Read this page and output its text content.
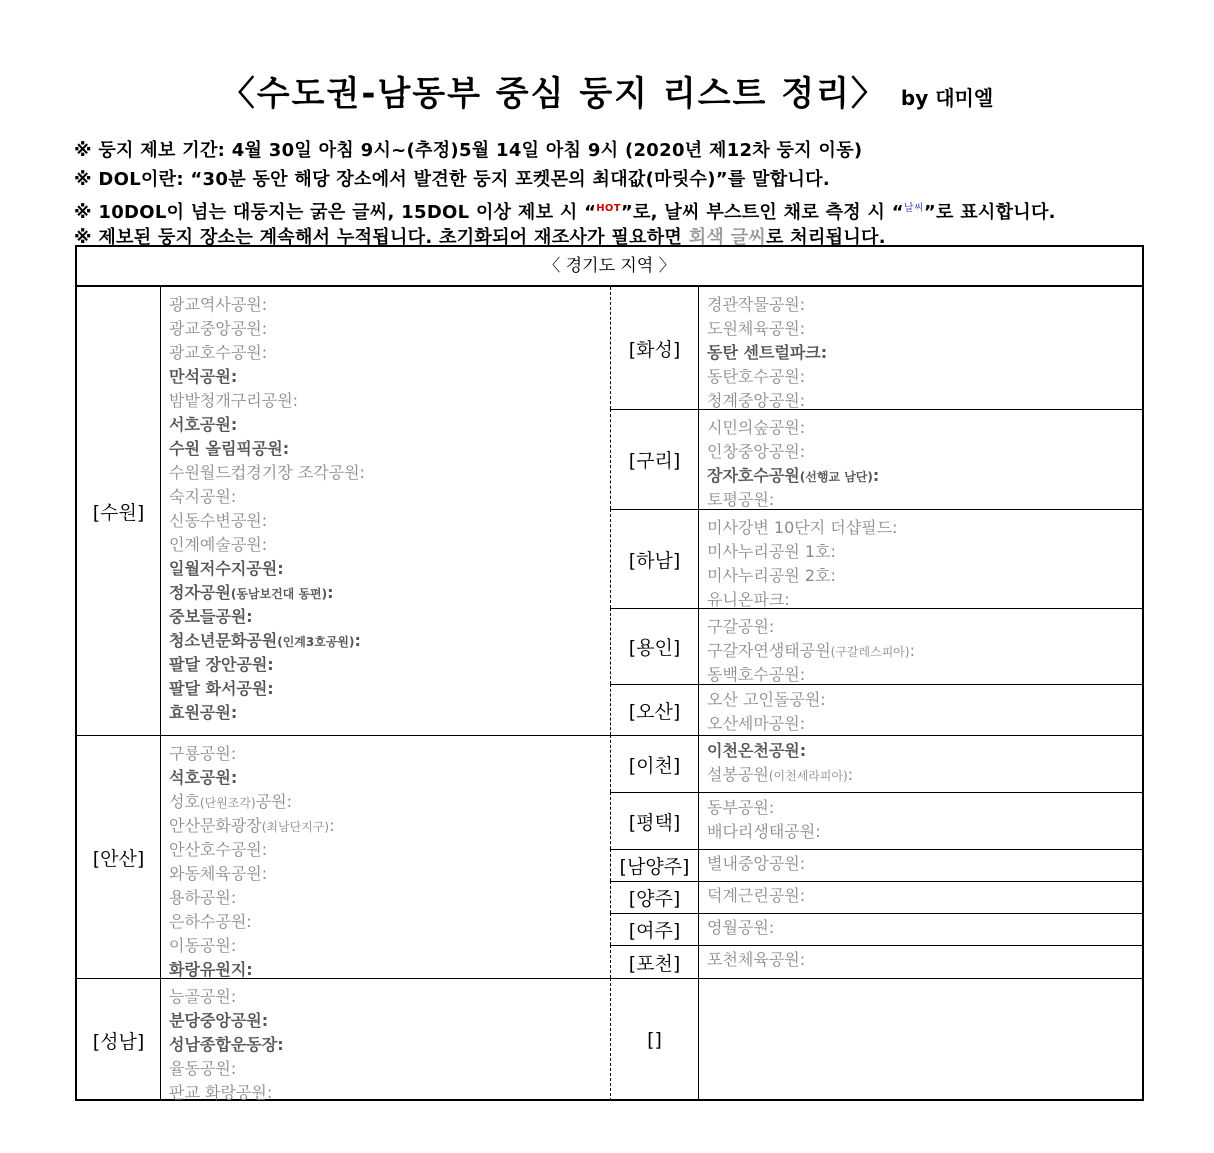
〈수도권-남동부 중심 둥지 리스트 정리〉 by 대미엘
※ 둥지 제보 기간: 4월 30일 아침 9시~(추정)5월 14일 아침 9시 (2020년 제12차 둥지 이동)
※ DOL이란: “30분 동안 해당 장소에서 발견한 둥지 포켓몬의 최대값(마릿수)”를 말합니다.
※ 10DOL이 넘는 대둥지는 굵은 글씨, 15DOL 이상 제보 시 “$^{HOT}$”로, 날씨 부스트인 채로 측정 시 “$^{날씨}$”로 표시합니다.
※ 제보된 둥지 장소는 계속해서 누적됩니다. 초기화되어 재조사가 필요하면 회색 글씨로 처리됩니다.
〈 경기도 지역 〉
[수원]
광교역사공원:
광교중앙공원:
광교호수공원:
만석공원:
밤밭청개구리공원:
서호공원:
수원 올림픽공원:
수원월드컵경기장 조각공원:
숙지공원:
신동수변공원:
인계예술공원:
일월저수지공원:
정자공원(동남보건대 동편):
중보들공원:
청소년문화공원(인계3호공원):
팔달 장안공원:
팔달 화서공원:
효원공원:
[안산]
구룡공원:
석호공원:
성호(단원조각)공원:
안산문화광장(최남단지구):
안산호수공원:
와동체육공원:
용하공원:
은하수공원:
이동공원:
화랑유원지:
[성남]
능골공원:
분당중앙공원:
성남종합운동장:
율동공원:
판교 화랑공원:
[화성]
경관작물공원:
도원체육공원:
동탄 센트럴파크:
동탄호수공원:
청계중앙공원:
[구리]
시민의숲공원:
인창중앙공원:
장자호수공원(선행교 남단):
토평공원:
[하남]
미사강변 10단지 더샵필드:
미사누리공원 1호:
미사누리공원 2호:
유니온파크:
[용인]
구갈공원:
구갈자연생태공원(구갈레스피아):
동백호수공원:
[오산]
오산 고인돌공원:
오산세마공원:
[이천]
이천온천공원:
설봉공원(이천세라피아):
[평택]
동부공원:
배다리생태공원:
[남양주]	별내중앙공원:
[양주]	덕계근린공원:
[여주]	영월공원:
[포천]	포천체육공원:
[]
